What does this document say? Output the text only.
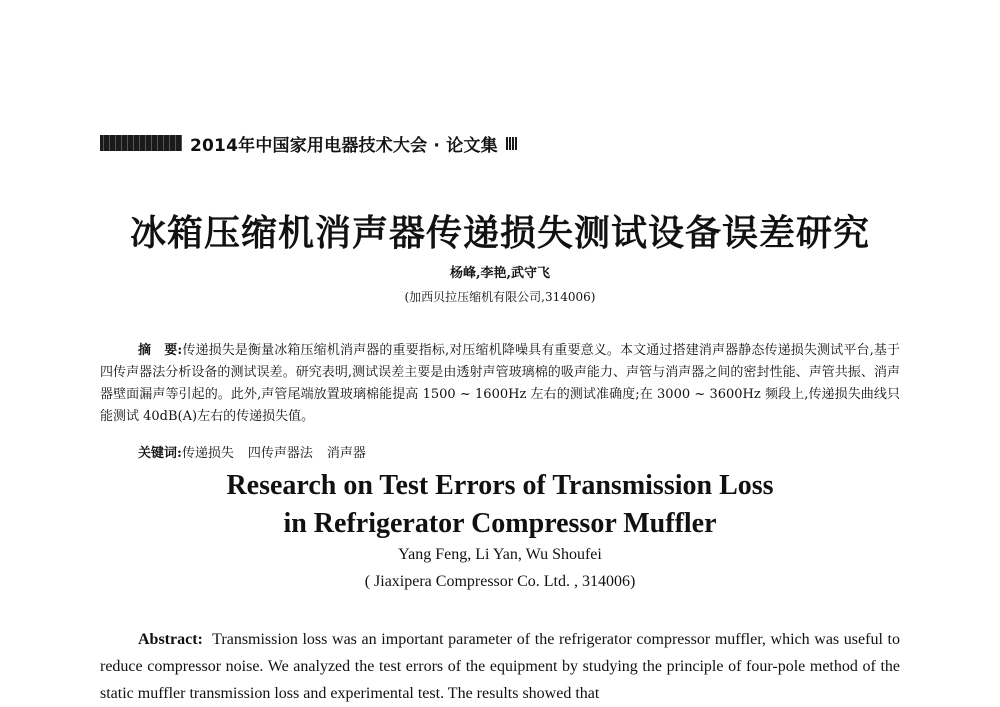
2014年中国家用电器技术大会 · 论文集
冰箱压缩机消声器传递损失测试设备误差研究
杨峰,李艳,武守飞
(加西贝拉压缩机有限公司,314006)
摘　要:传递损失是衡量冰箱压缩机消声器的重要指标,对压缩机降噪具有重要意义。本文通过搭建消声器静态传递损失测试平台,基于四传声器法分析设备的测试误差。研究表明,测试误差主要是由透射声管玻璃棉的吸声能力、声管与消声器之间的密封性能、声管共振、消声器壁面漏声等引起的。此外,声管尾端放置玻璃棉能提高 1500 ~ 1600Hz 左右的测试准确度;在 3000 ~ 3600Hz 频段上,传递损失曲线只能测试 40dB(A)左右的传递损失值。
关键词:传递损失 四传声器法 消声器
Research on Test Errors of Transmission Loss
in Refrigerator Compressor Muffler
Yang Feng, Li Yan, Wu Shoufei
( Jiaxipera Compressor Co. Ltd. , 314006)
Abstract: Transmission loss was an important parameter of the refrigerator compressor muffler, which was useful to reduce compressor noise. We analyzed the test errors of the equipment by studying the principle of four-pole method of the static muffler transmission loss and experimental test. The results showed that
